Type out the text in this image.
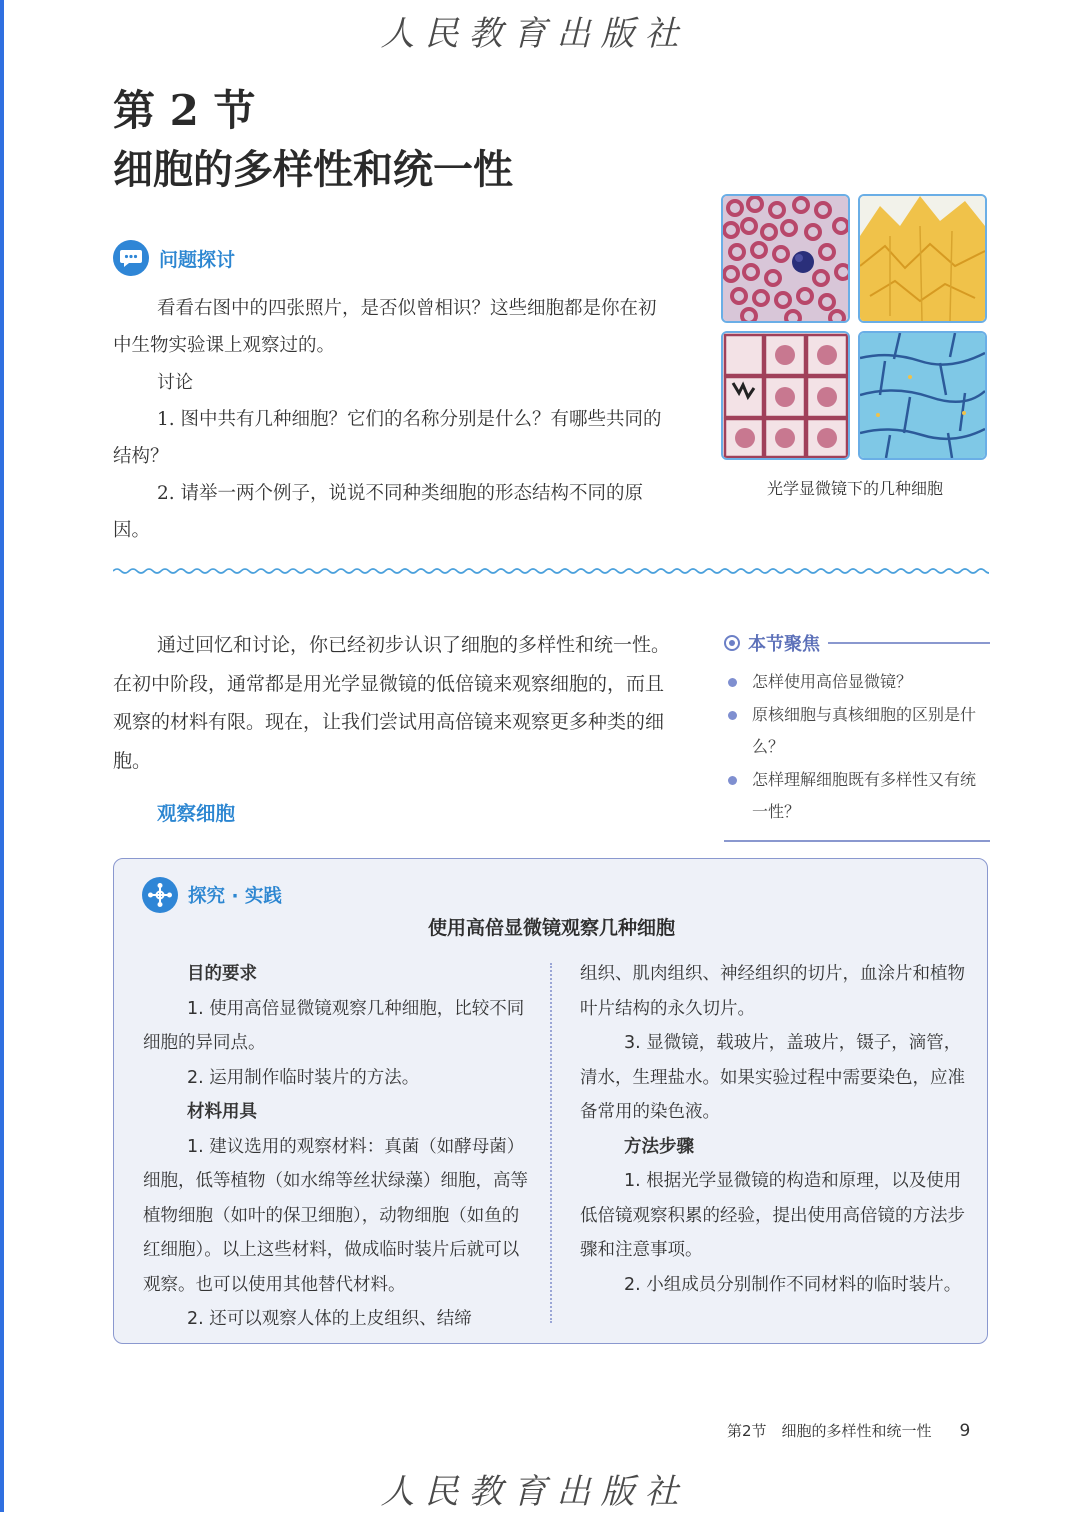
人民教育出版社
第 2 节
细胞的多样性和统一性
问题探讨

看看右图中的四张照片，是否似曾相识？这些细胞都是你在初中生物实验课上观察过的。

讨论

1. 图中共有几种细胞？它们的名称分别是什么？有哪些共同的结构？

2. 请举一两个例子，说说不同种类细胞的形态结构不同的原因。

光学显微镜下的几种细胞

通过回忆和讨论，你已经初步认识了细胞的多样性和统一性。在初中阶段，通常都是用光学显微镜的低倍镜来观察细胞的，而且观察的材料有限。现在，让我们尝试用高倍镜来观察更多种类的细胞。

观察细胞
本节聚焦
怎样使用高倍显微镜？
原核细胞与真核细胞的区别是什么？
怎样理解细胞既有多样性又有统一性？
探究 · 实践
使用高倍显微镜观察几种细胞

目的要求

1. 使用高倍显微镜观察几种细胞，比较不同细胞的异同点。

2. 运用制作临时装片的方法。

材料用具

1. 建议选用的观察材料：真菌（如酵母菌）细胞，低等植物（如水绵等丝状绿藻）细胞，高等植物细胞（如叶的保卫细胞），动物细胞（如鱼的红细胞）。以上这些材料，做成临时装片后就可以观察。也可以使用其他替代材料。

2. 还可以观察人体的上皮组织、结缔

组织、肌肉组织、神经组织的切片，血涂片和植物叶片结构的永久切片。

3. 显微镜，载玻片，盖玻片，镊子，滴管，清水，生理盐水。如果实验过程中需要染色，应准备常用的染色液。

方法步骤

1. 根据光学显微镜的构造和原理，以及使用低倍镜观察积累的经验，提出使用高倍镜的方法步骤和注意事项。

2. 小组成员分别制作不同材料的临时装片。

第2节　细胞的多样性和统一性 9
人民教育出版社
